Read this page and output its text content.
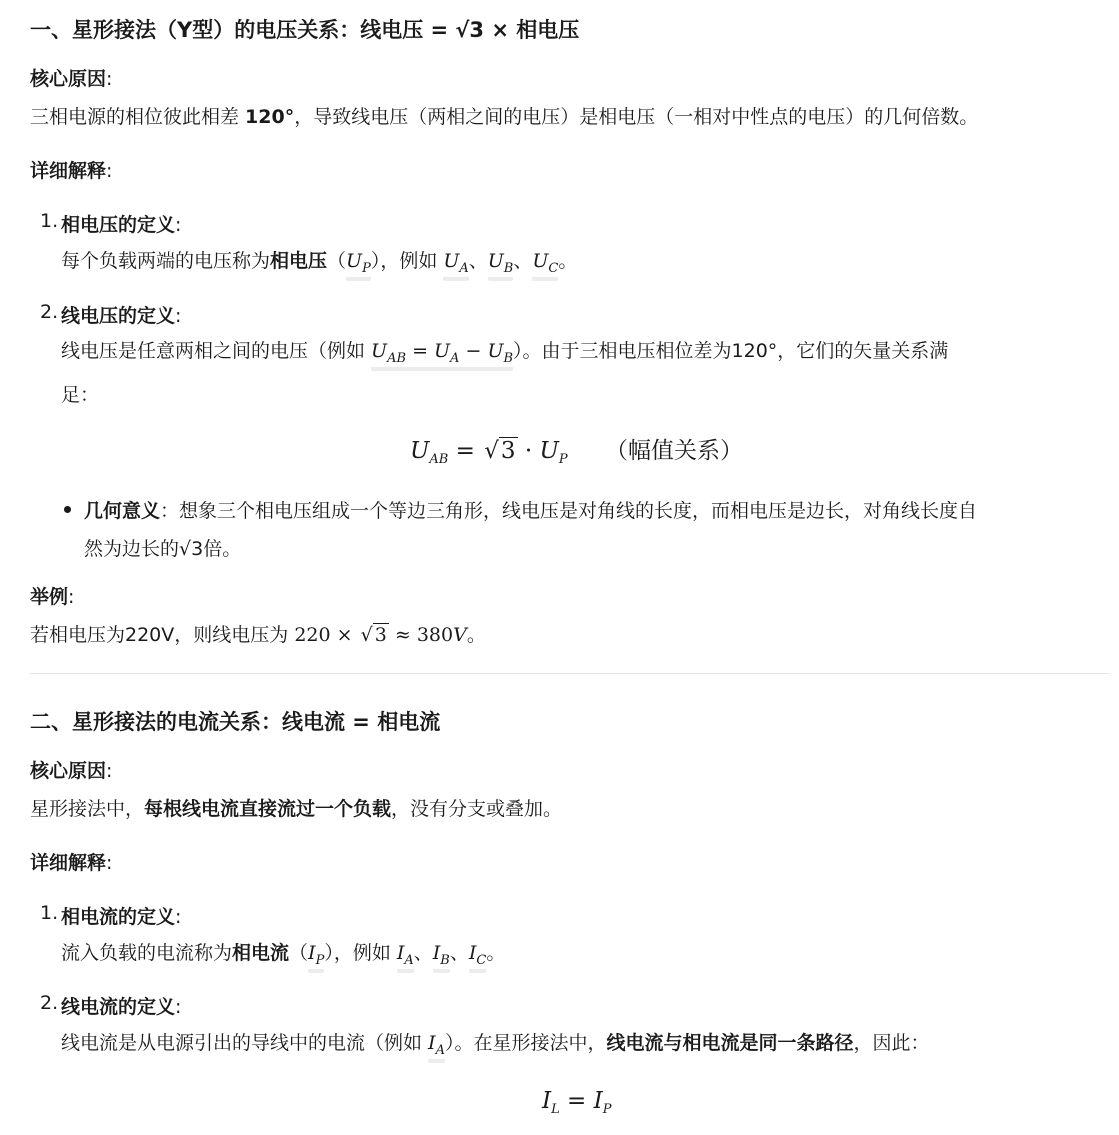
一、星形接法（Y型）的电压关系：线电压 = √3 × 相电压
核心原因:
三相电源的相位彼此相差 120°，导致线电压（两相之间的电压）是相电压（一相对中性点的电压）的几何倍数。
详细解释:
1. 相电压的定义:
每个负载两端的电压称为相电压$(U_P)$，例如 $U_A$、$U_B$、$U_C$。
2. 线电压的定义:
线电压是任意两相之间的电压（例如 $U_{AB} = U_A - U_B$）。由于三相电压相位差为120°，它们的矢量关系满
足：
$U_{AB} = √3 \cdot U_P$ （幅值关系）
几何意义：想象三个相电压组成一个等边三角形，线电压是对角线的长度，而相电压是边长，对角线长度自
然为边长的√3倍。
举例:
若相电压为220V，则线电压为 220 × √ 3 ≈ 380V。
二、星形接法的电流关系：线电流 = 相电流
核心原因:
星形接法中，每根线电流直接流过一个负载，没有分支或叠加。
详细解释:
1. 相电流的定义:
流入负载的电流称为相电流$(I_P)$，例如 $I_A$、$I_B$、$I_C$。
2. 线电流的定义:
线电流是从电源引出的导线中的电流（例如 $I_A$）。在星形接法中，线电流与相电流是同一条路径，因此：
$I_L = I_P$
